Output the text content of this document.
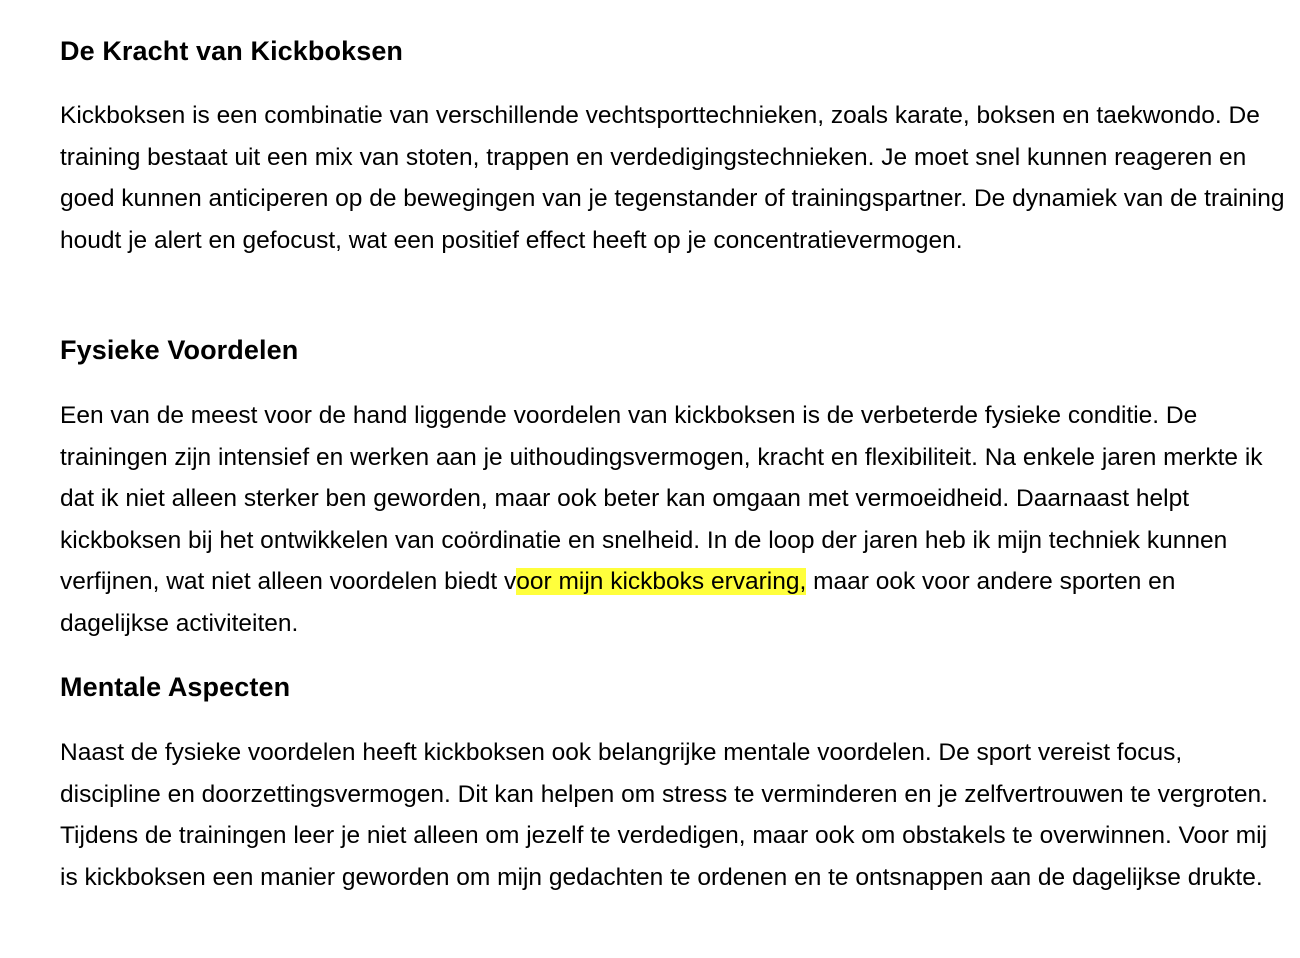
De Kracht van Kickboksen

Kickboksen is een combinatie van verschillende vechtsporttechnieken, zoals karate, boksen en taekwondo. De training bestaat uit een mix van stoten, trappen en verdedigingstechnieken. Je moet snel kunnen reageren en goed kunnen anticiperen op de bewegingen van je tegenstander of trainingspartner. De dynamiek van de training houdt je alert en gefocust, wat een positief effect heeft op je concentratievermogen.

Fysieke Voordelen

Een van de meest voor de hand liggende voordelen van kickboksen is de verbeterde fysieke conditie. De trainingen zijn intensief en werken aan je uithoudingsvermogen, kracht en flexibiliteit. Na enkele jaren merkte ik dat ik niet alleen sterker ben geworden, maar ook beter kan omgaan met vermoeidheid. Daarnaast helpt kickboksen bij het ontwikkelen van coördinatie en snelheid. In de loop der jaren heb ik mijn techniek kunnen verfijnen, wat niet alleen voordelen biedt voor mijn kickboks ervaring, maar ook voor andere sporten en dagelijkse activiteiten.

Mentale Aspecten

Naast de fysieke voordelen heeft kickboksen ook belangrijke mentale voordelen. De sport vereist focus, discipline en doorzettingsvermogen. Dit kan helpen om stress te verminderen en je zelfvertrouwen te vergroten. Tijdens de trainingen leer je niet alleen om jezelf te verdedigen, maar ook om obstakels te overwinnen. Voor mij is kickboksen een manier geworden om mijn gedachten te ordenen en te ontsnappen aan de dagelijkse drukte.
